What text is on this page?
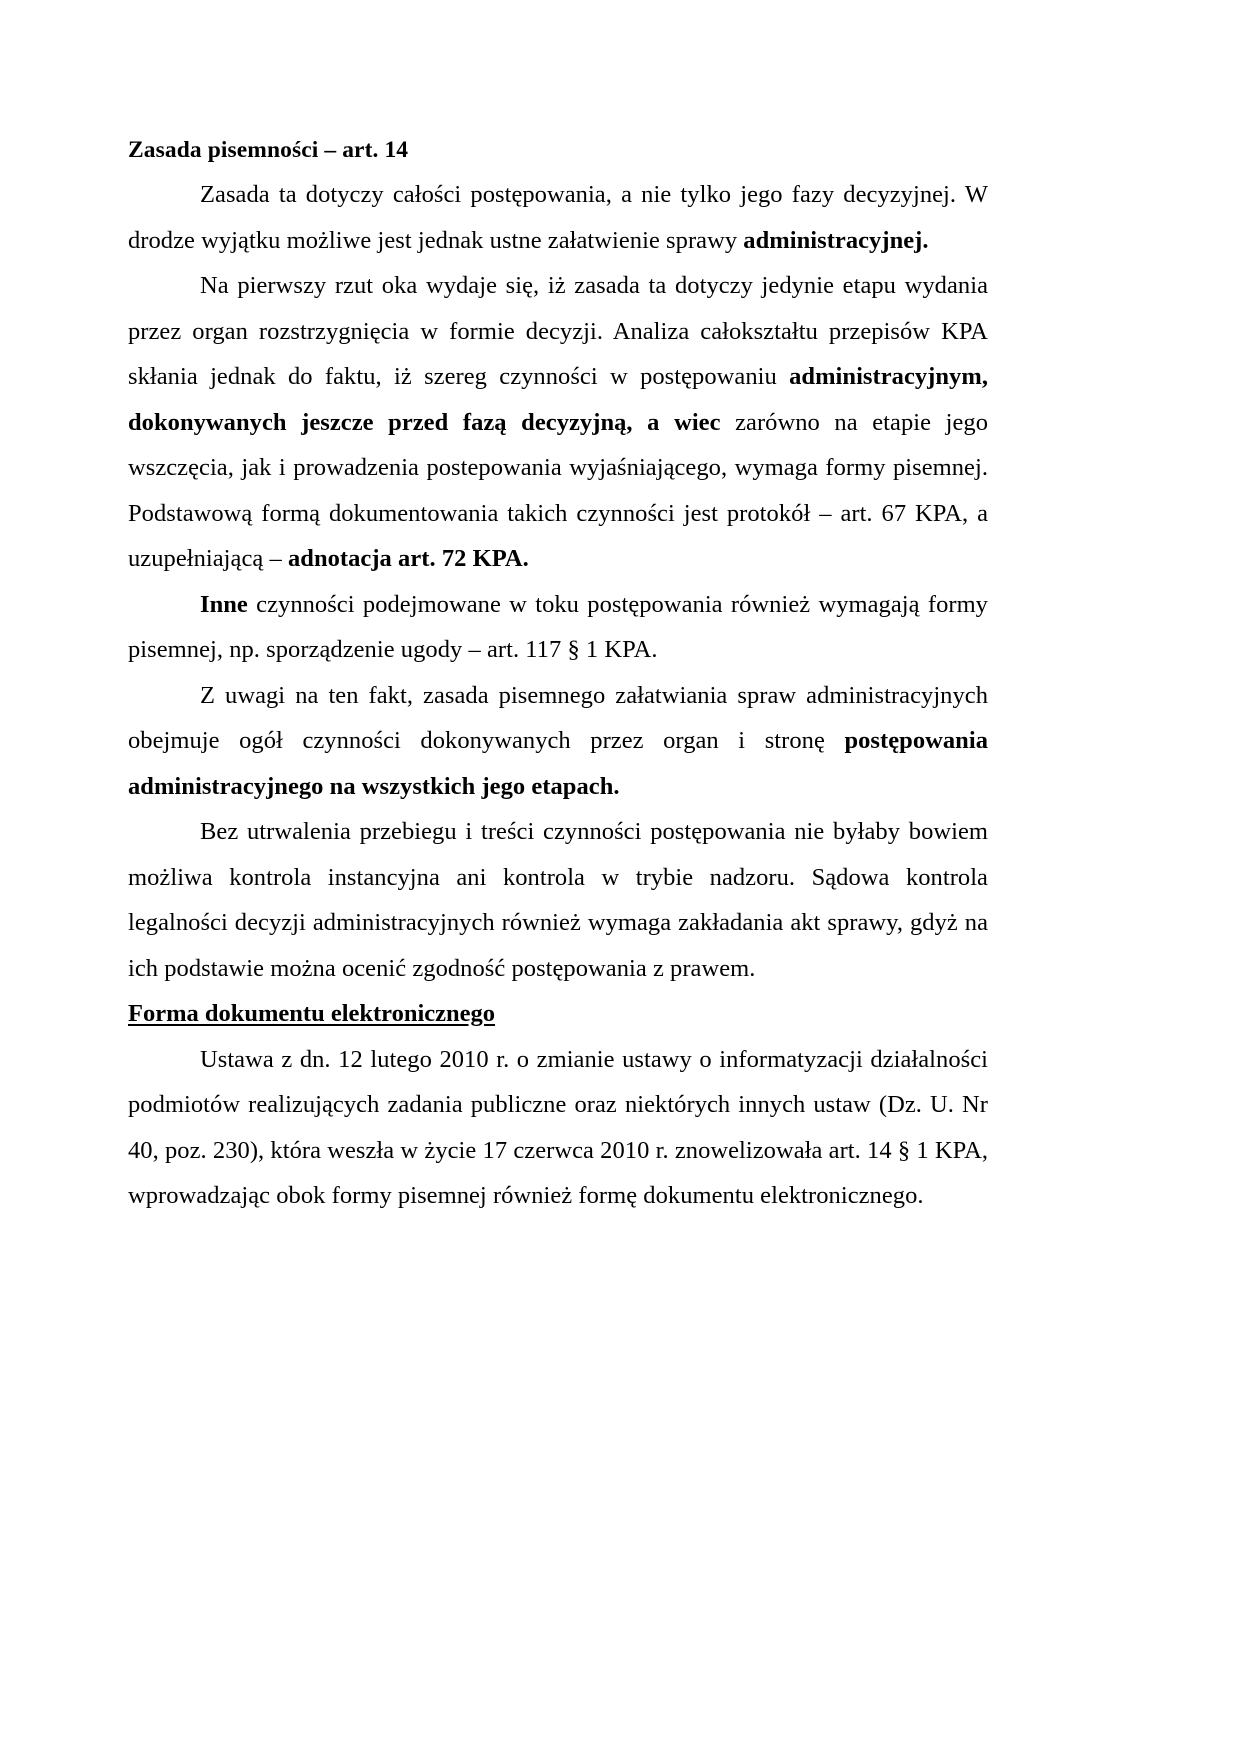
Zasada pisemności – art. 14

Zasada ta dotyczy całości postępowania, a nie tylko jego fazy decyzyjnej. W drodze wyjątku możliwe jest jednak ustne załatwienie sprawy administracyjnej.

Na pierwszy rzut oka wydaje się, iż zasada ta dotyczy jedynie etapu wydania przez organ rozstrzygnięcia w formie decyzji. Analiza całokształtu przepisów KPA skłania jednak do faktu, iż szereg czynności w postępowaniu administracyjnym, dokonywanych jeszcze przed fazą decyzyjną, a wiec zarówno na etapie jego wszczęcia, jak i prowadzenia postepowania wyjaśniającego, wymaga formy pisemnej. Podstawową formą dokumentowania takich czynności jest protokół – art. 67 KPA, a uzupełniającą – adnotacja art. 72 KPA.

Inne czynności podejmowane w toku postępowania również wymagają formy pisemnej, np. sporządzenie ugody – art. 117 § 1 KPA.

Z uwagi na ten fakt, zasada pisemnego załatwiania spraw administracyjnych obejmuje ogół czynności dokonywanych przez organ i stronę postępowania administracyjnego na wszystkich jego etapach.

Bez utrwalenia przebiegu i treści czynności postępowania nie byłaby bowiem możliwa kontrola instancyjna ani kontrola w trybie nadzoru. Sądowa kontrola legalności decyzji administracyjnych również wymaga zakładania akt sprawy, gdyż na ich podstawie można ocenić zgodność postępowania z prawem.

Forma dokumentu elektronicznego

Ustawa z dn. 12 lutego 2010 r. o zmianie ustawy o informatyzacji działalności podmiotów realizujących zadania publiczne oraz niektórych innych ustaw (Dz. U. Nr 40, poz. 230), która weszła w życie 17 czerwca 2010 r. znowelizowała art. 14 § 1 KPA, wprowadzając obok formy pisemnej również formę dokumentu elektronicznego.
